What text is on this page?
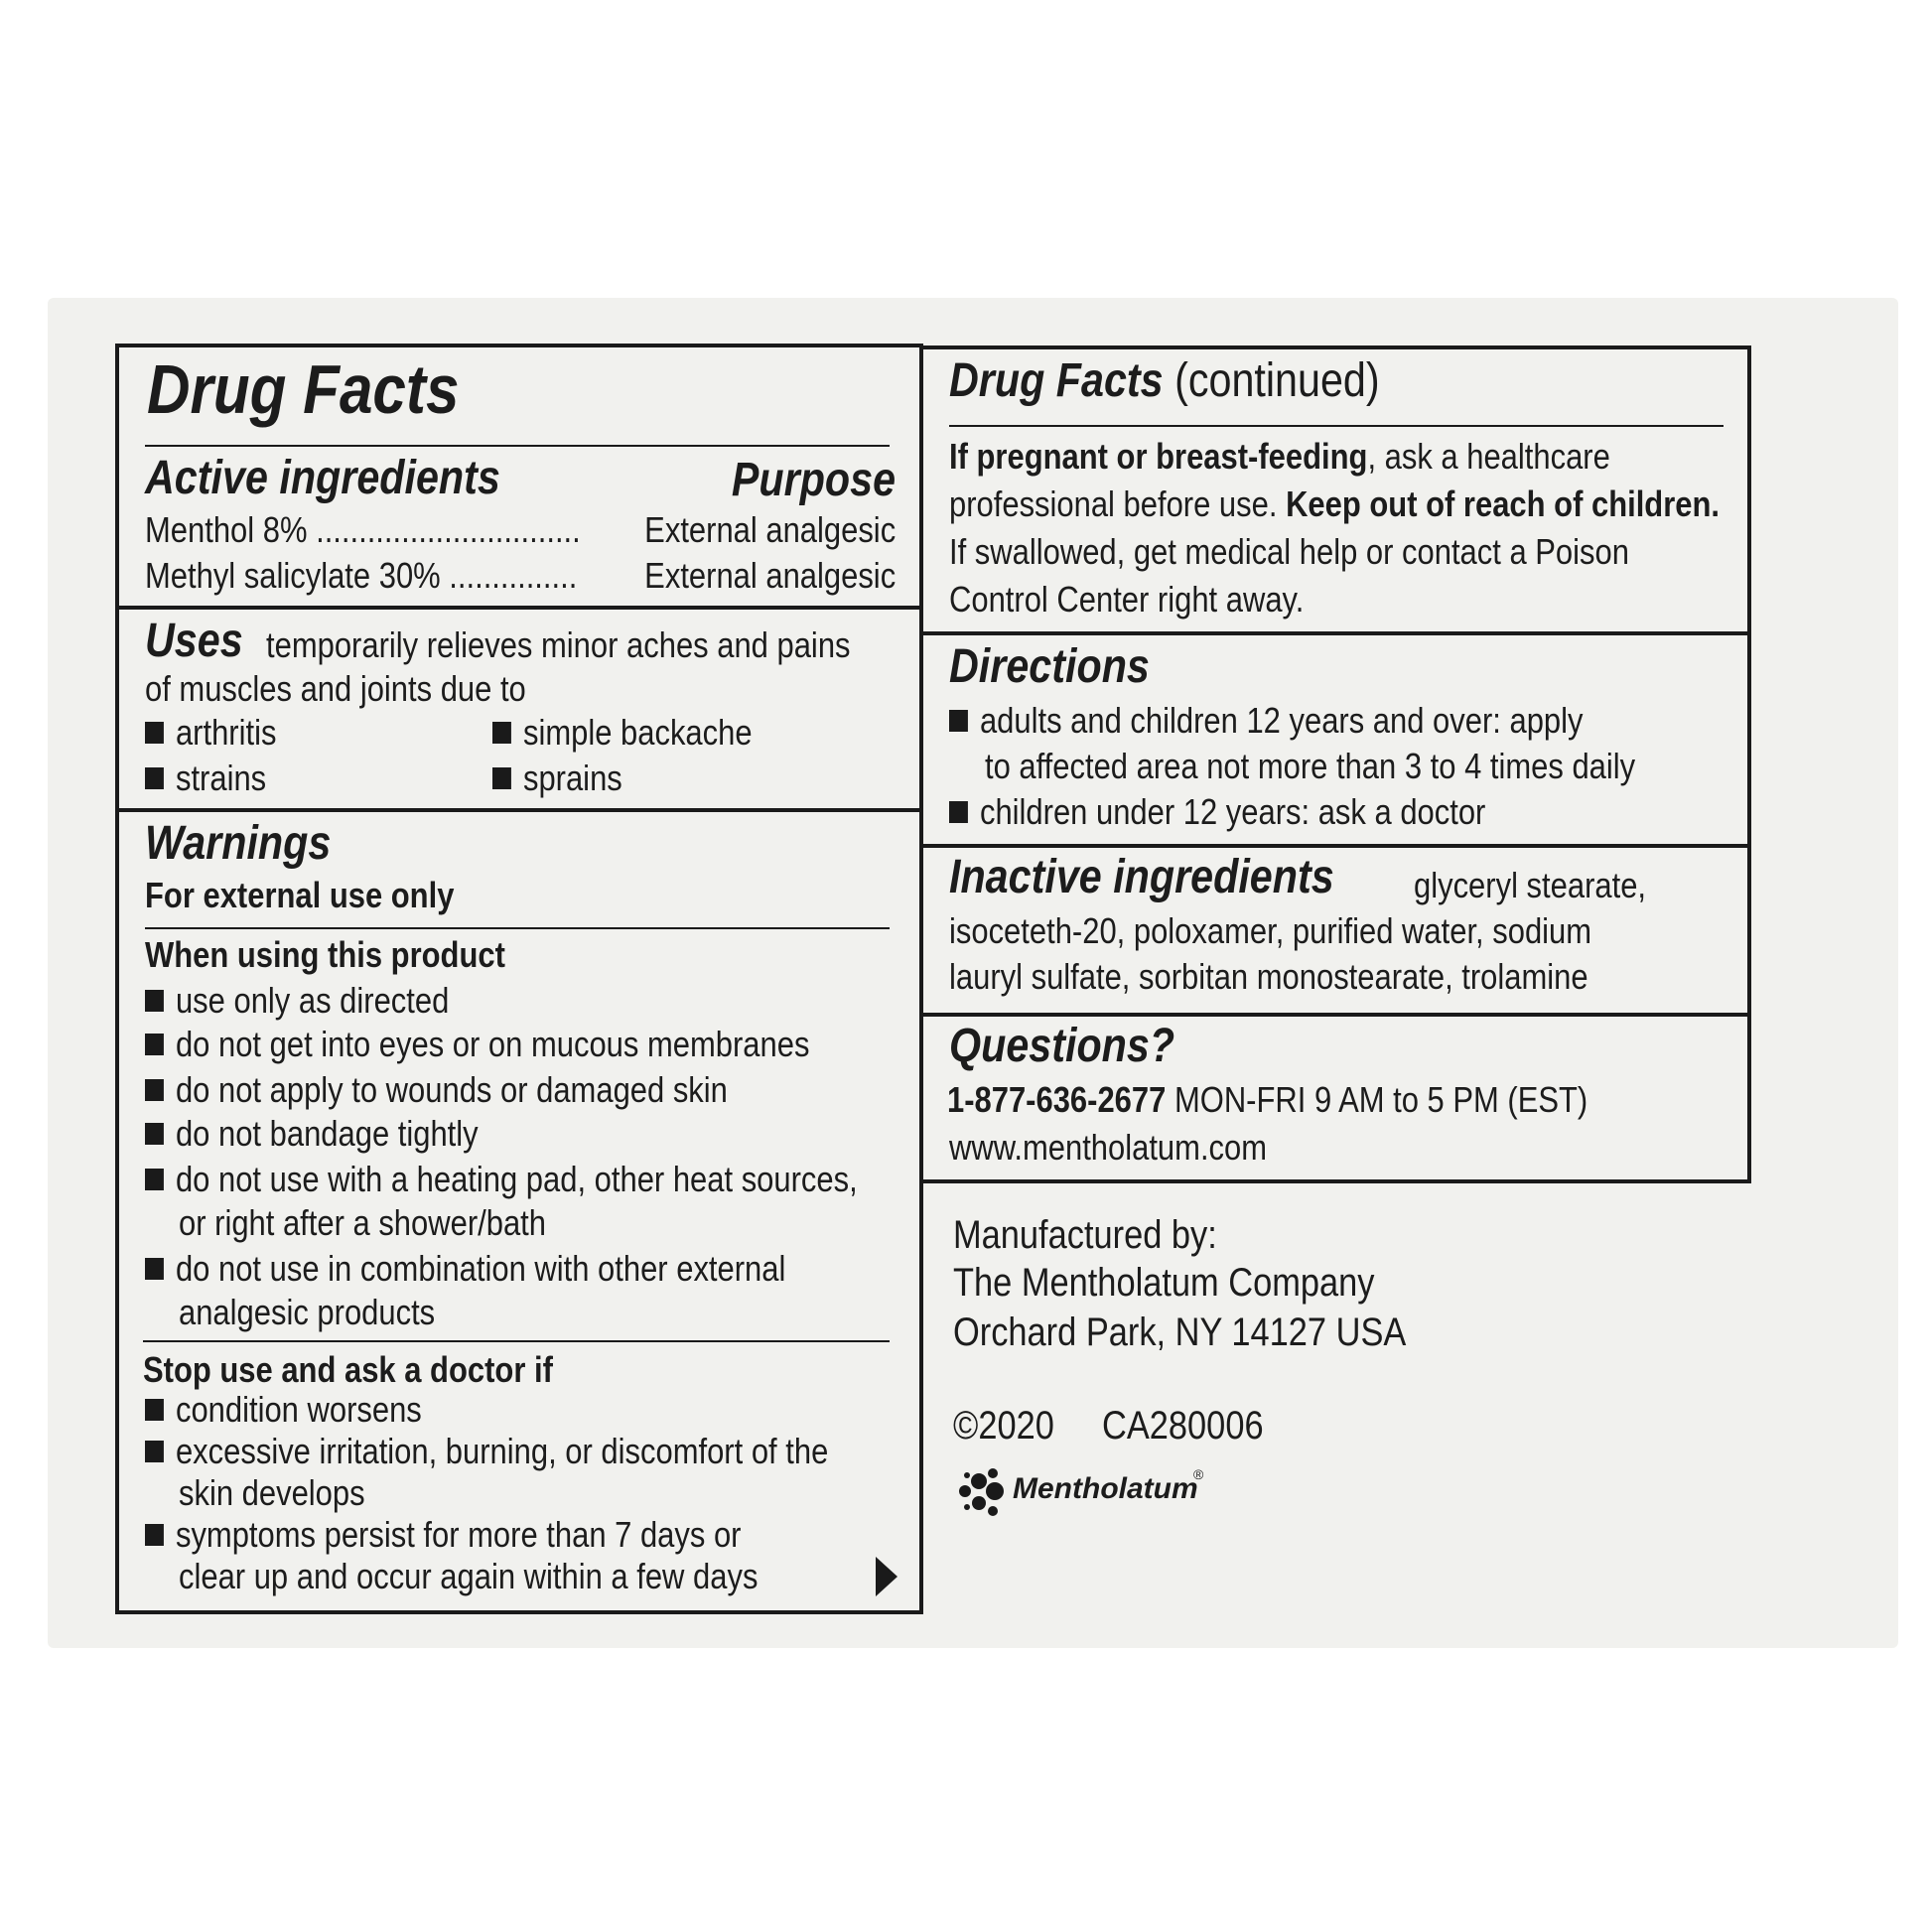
Drug Facts
Active ingredients	Purpose
Menthol 8% ............................... External analgesic
Methyl salicylate 30% ............... External analgesic
Uses temporarily relieves minor aches and pains
of muscles and joints due to
arthritis	simple backache
strains	sprains
Warnings
For external use only
When using this product
use only as directed
do not get into eyes or on mucous membranes
do not apply to wounds or damaged skin
do not bandage tightly
do not use with a heating pad, other heat sources,
or right after a shower/bath
do not use in combination with other external
analgesic products
Stop use and ask a doctor if
condition worsens
excessive irritation, burning, or discomfort of the
skin develops
symptoms persist for more than 7 days or
clear up and occur again within a few days
Drug Facts (continued)
If pregnant or breast-feeding, ask a healthcare
professional before use. Keep out of reach of children.
If swallowed, get medical help or contact a Poison
Control Center right away.
Directions
adults and children 12 years and over: apply
to affected area not more than 3 to 4 times daily
children under 12 years: ask a doctor
Inactive ingredients glyceryl stearate,
isoceteth-20, poloxamer, purified water, sodium
lauryl sulfate, sorbitan monostearate, trolamine
Questions?
1-877-636-2677 MON-FRI 9 AM to 5 PM (EST)
www.mentholatum.com
Manufactured by:
The Mentholatum Company
Orchard Park, NY 14127 USA
©2020 CA280006
Mentholatum
®
